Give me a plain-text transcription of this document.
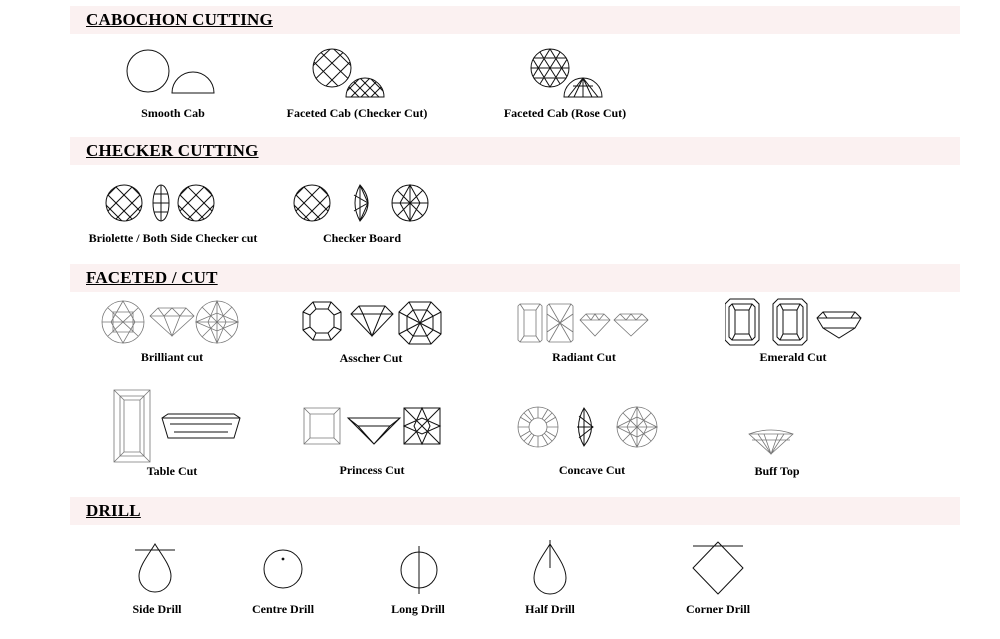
CABOCHON CUTTING
CHECKER CUTTING
FACETED / CUT
DRILL
Smooth Cab	Faceted Cab (Checker Cut)	Faceted Cab (Rose Cut)
Briolette / Both Side Checker cut	Checker Board
Brilliant cut	Asscher Cut	Radiant Cut	Emerald Cut
Table Cut	Princess Cut	Concave Cut	Buff Top
Side Drill	Centre Drill	Long Drill	Half Drill	Corner Drill
